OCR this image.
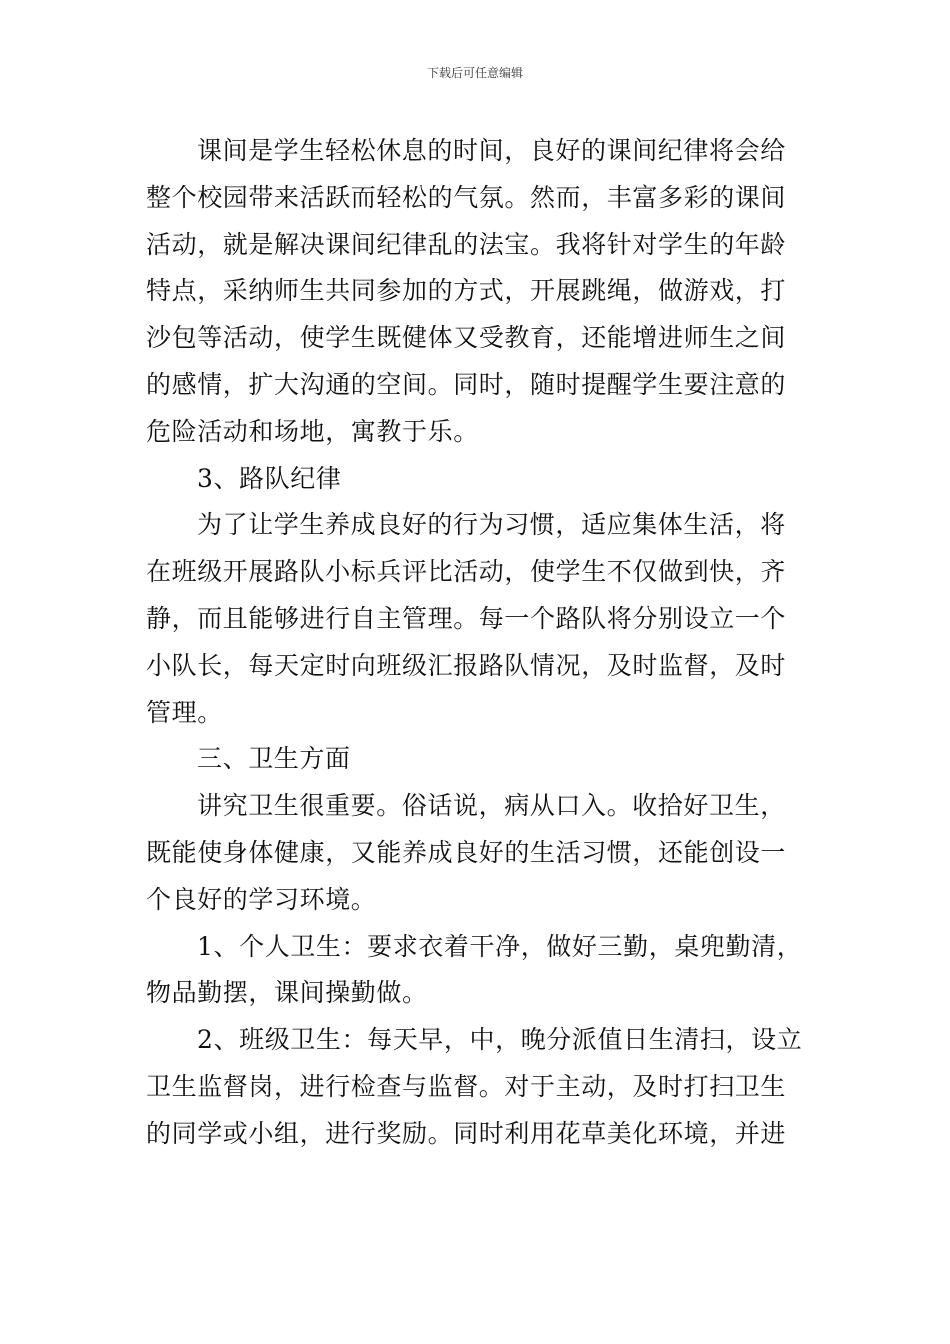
下载后可任意编辑
课间是学生轻松休息的时间，良好的课间纪律将会给
整个校园带来活跃而轻松的气氛。然而，丰富多彩的课间
活动，就是解决课间纪律乱的法宝。我将针对学生的年龄
特点，采纳师生共同参加的方式，开展跳绳，做游戏，打
沙包等活动，使学生既健体又受教育，还能增进师生之间
的感情，扩大沟通的空间。同时，随时提醒学生要注意的
危险活动和场地，寓教于乐。
3、路队纪律
为了让学生养成良好的行为习惯，适应集体生活，将
在班级开展路队小标兵评比活动，使学生不仅做到快，齐
静，而且能够进行自主管理。每一个路队将分别设立一个
小队长，每天定时向班级汇报路队情况，及时监督，及时
管理。
三、卫生方面
讲究卫生很重要。俗话说，病从口入。收拾好卫生，
既能使身体健康，又能养成良好的生活习惯，还能创设一
个良好的学习环境。
1、个人卫生：要求衣着干净，做好三勤，桌兜勤清，
物品勤摆，课间操勤做。
2、班级卫生：每天早，中，晚分派值日生清扫，设立
卫生监督岗，进行检查与监督。对于主动，及时打扫卫生
的同学或小组，进行奖励。同时利用花草美化环境，并进
